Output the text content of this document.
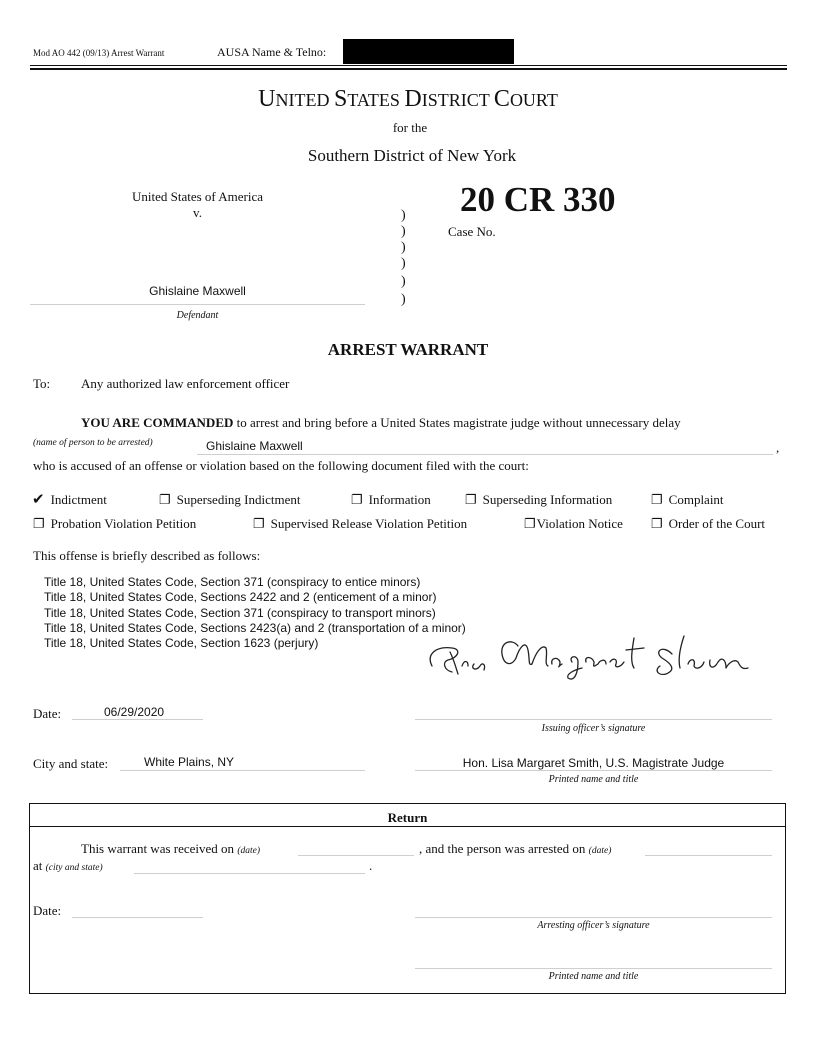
Mod AO 442 (09/13) Arrest Warrant	AUSA Name & Telno:
UNITED STATES DISTRICT COURT
for the
Southern District of New York
United States of America
v.
Ghislaine Maxwell
Defendant
)
)
)
)
)
)
20 CR 330
Case No.
ARREST WARRANT
To: Any authorized law enforcement officer
YOU ARE COMMANDED to arrest and bring before a United States magistrate judge without unnecessary delay
(name of person to be arrested)	Ghislaine Maxwell	,
who is accused of an offense or violation based on the following document filed with the court:
✔ Indictment	❐ Superseding Indictment	❐ Information	❐ Superseding Information	❐ Complaint
❐ Probation Violation Petition	❐ Supervised Release Violation Petition	❐Violation Notice ❐ Order of the Court
This offense is briefly described as follows:
Title 18, United States Code, Section 371 (conspiracy to entice minors)
Title 18, United States Code, Sections 2422 and 2 (enticement of a minor)
Title 18, United States Code, Section 371 (conspiracy to transport minors)
Title 18, United States Code, Sections 2423(a) and 2 (transportation of a minor)
Title 18, United States Code, Section 1623 (perjury)
Date:	06/29/2020
Issuing officer’s signature
City and state:	White Plains, NY	Hon. Lisa Margaret Smith, U.S. Magistrate Judge
Printed name and title
Return
This warrant was received on (date)	, and the person was arrested on (date)
at (city and state)	.
Date:
Arresting officer’s signature
Printed name and title
